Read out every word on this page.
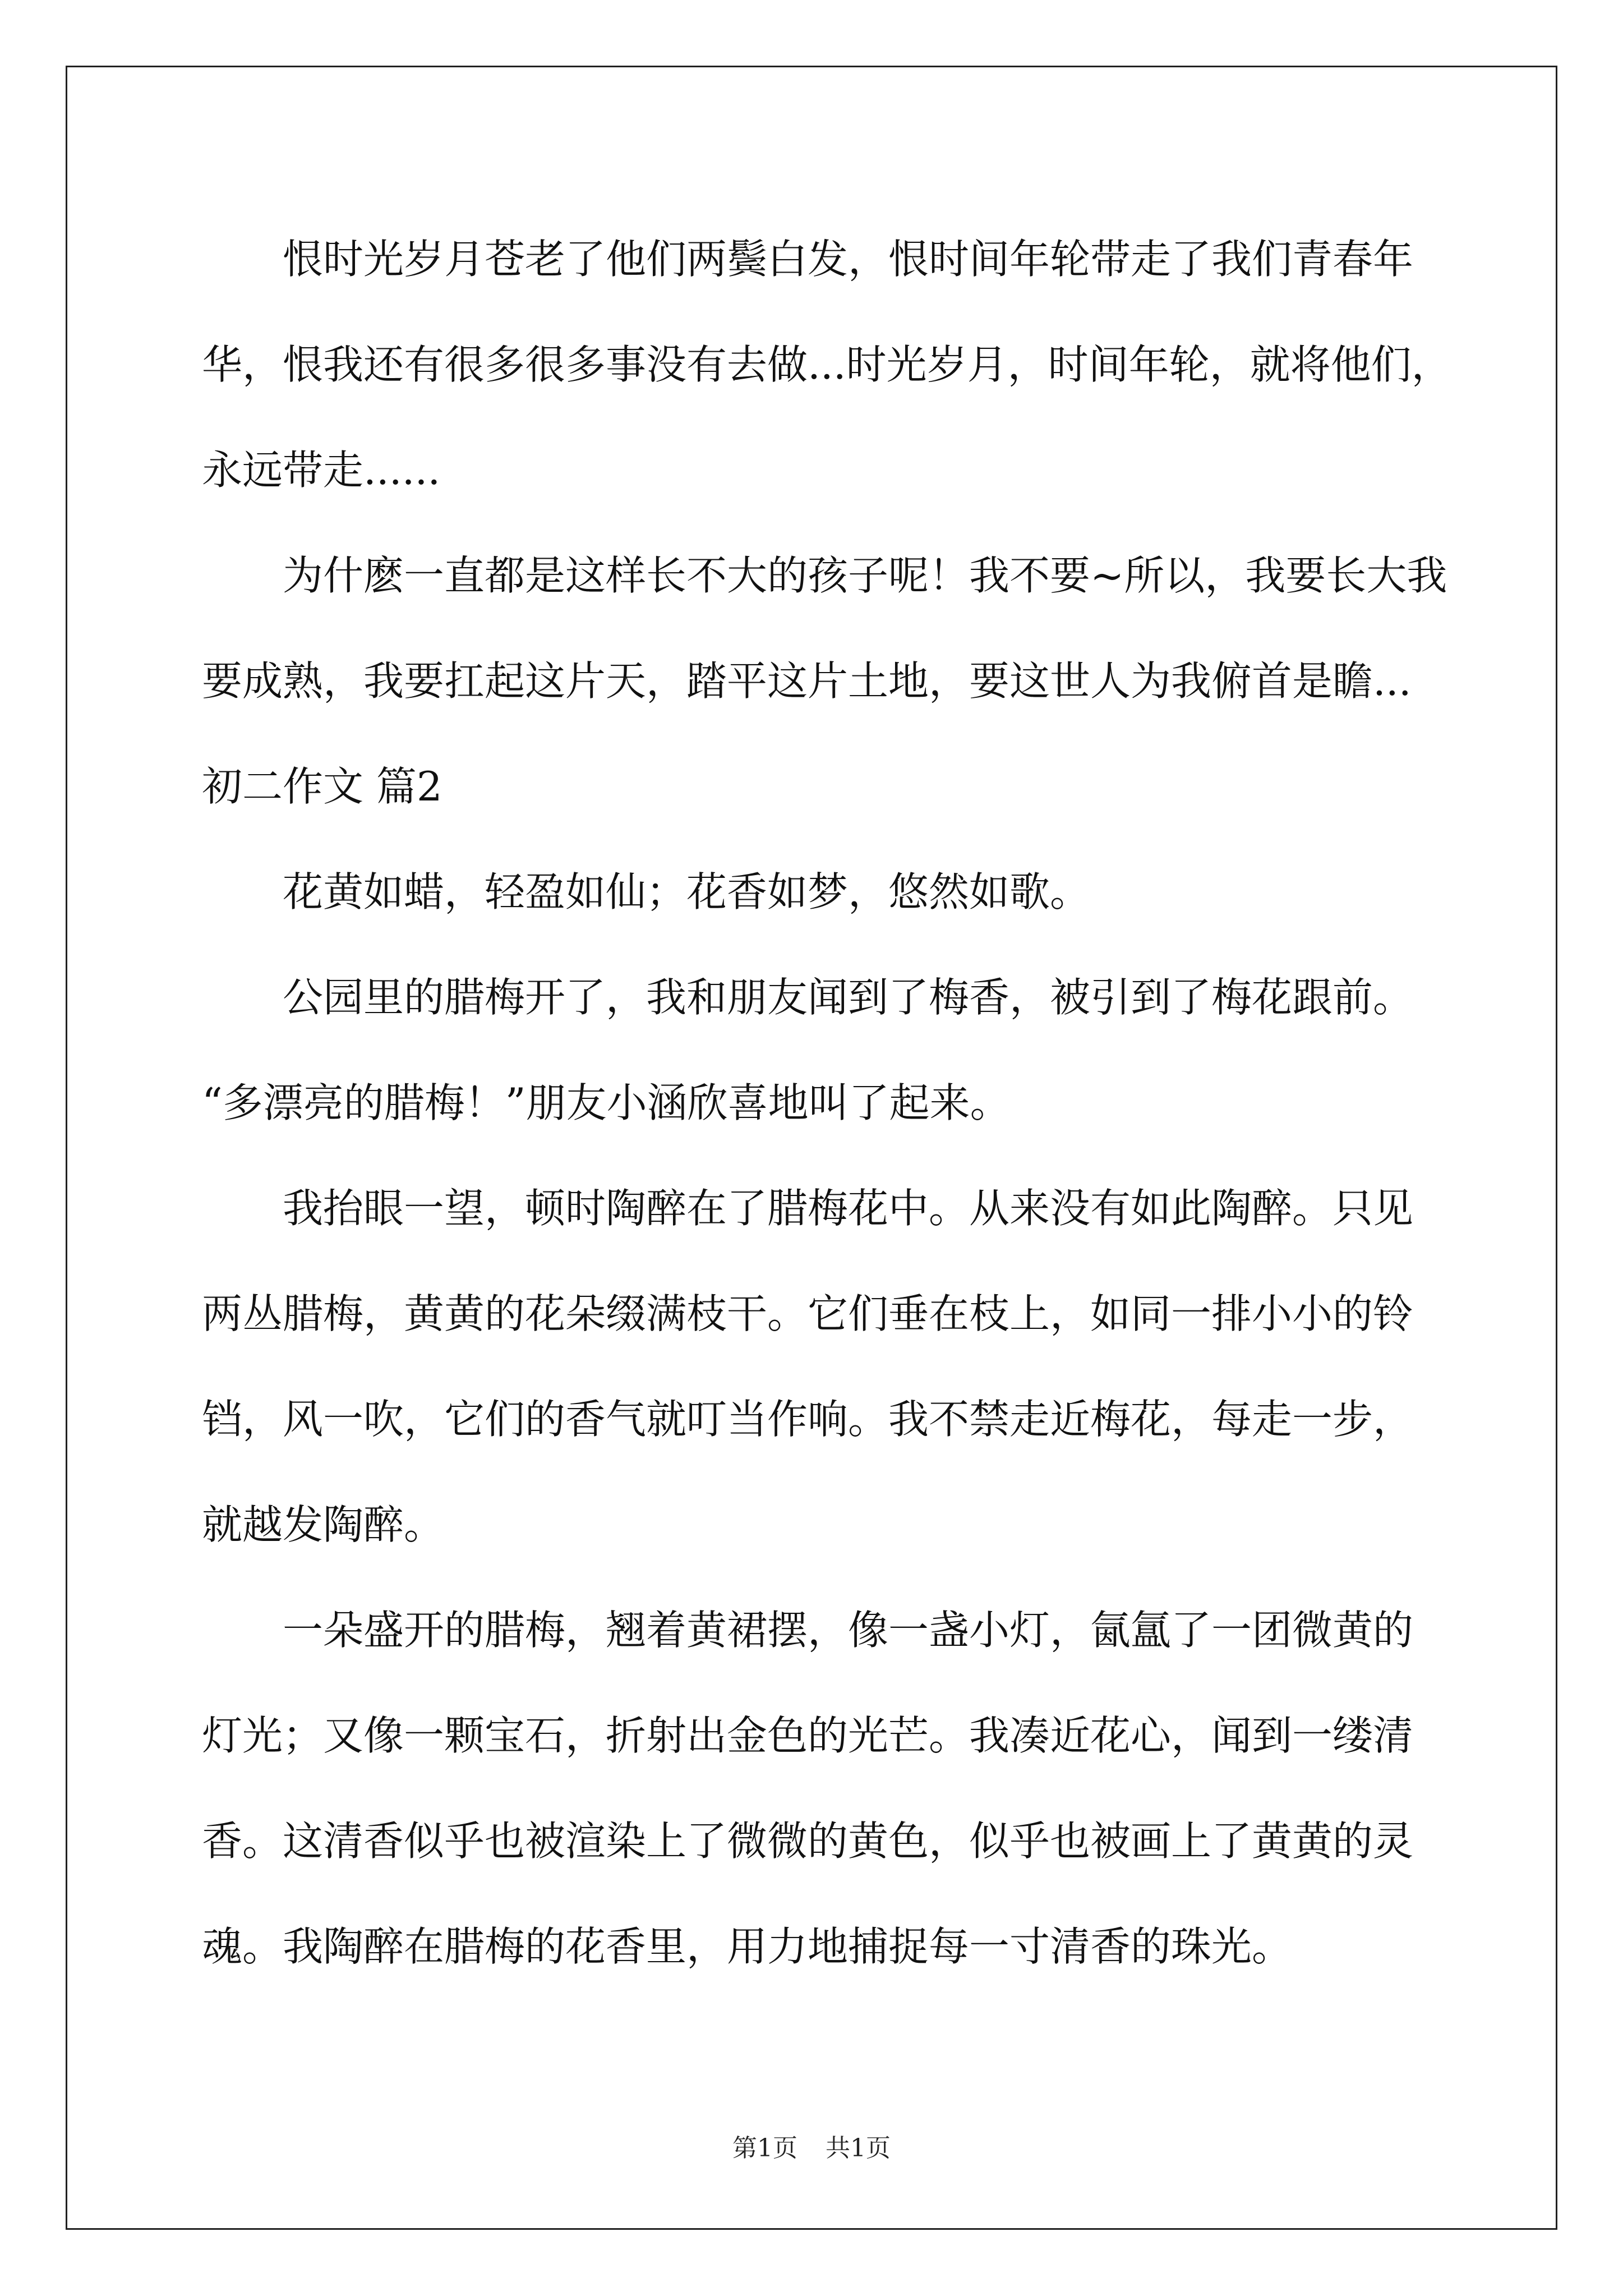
恨时光岁月苍老了他们两鬓白发，恨时间年轮带走了我们青春年
华，恨我还有很多很多事没有去做...时光岁月，时间年轮，就将他们，
永远带走......
为什麽一直都是这样长不大的孩子呢！我不要~所以，我要长大我
要成熟，我要扛起这片天，踏平这片土地，要这世人为我俯首是瞻...
初二作文 篇2
花黄如蜡，轻盈如仙；花香如梦，悠然如歌。
公园里的腊梅开了，我和朋友闻到了梅香，被引到了梅花跟前。
“多漂亮的腊梅！”朋友小涵欣喜地叫了起来。
我抬眼一望，顿时陶醉在了腊梅花中。从来没有如此陶醉。只见
两丛腊梅，黄黄的花朵缀满枝干。它们垂在枝上，如同一排小小的铃
铛，风一吹，它们的香气就叮当作响。我不禁走近梅花，每走一步，
就越发陶醉。
一朵盛开的腊梅，翘着黄裙摆，像一盏小灯，氤氲了一团微黄的
灯光；又像一颗宝石，折射出金色的光芒。我凑近花心，闻到一缕清
香。这清香似乎也被渲染上了微微的黄色，似乎也被画上了黄黄的灵
魂。我陶醉在腊梅的花香里，用力地捕捉每一寸清香的珠光。
第1页 共1页
